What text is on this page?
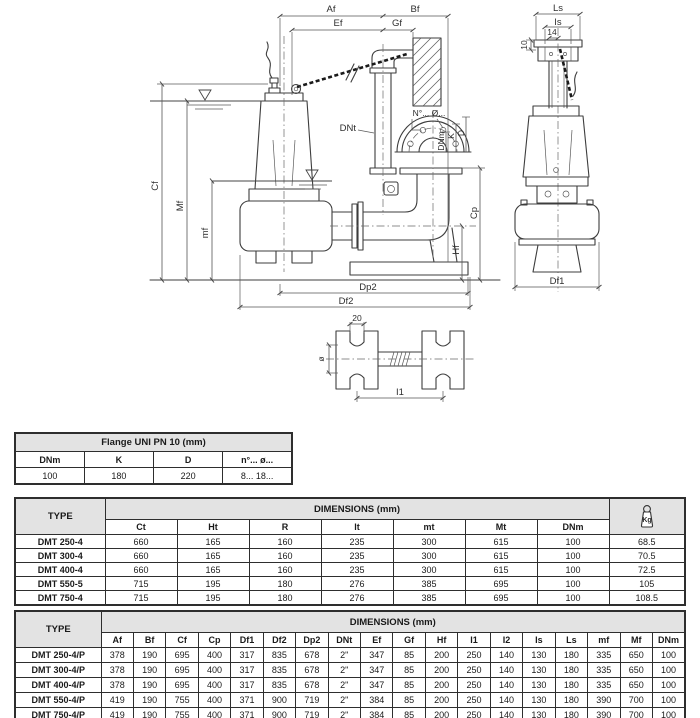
Af	Bf
Ef	Gf
DNt
Cf
Mf
mf
N°... Ø...
DNm K D
Cp
Hf
Dp2
Df2
Ls
Is
14
10
Df1
20
ø
I1
Flange UNI PN 10 (mm)			
DNm	K	D	n°... ø...
100	180	220	8... 18...
TYPE	DIMENSIONS (mm)							Kg

	Ct	Ht	R	lt	mt	Mt	DNm	
DMT 250-4	660	165	160	235	300	615	100	68.5
DMT 300-4	660	165	160	235	300	615	100	70.5
DMT 400-4	660	165	160	235	300	615	100	72.5
DMT 550-5	715	195	180	276	385	695	100	105
DMT 750-4	715	195	180	276	385	695	100	108.5
TYPE	DIMENSIONS (mm)																	
	Af	Bf	Cf	Cp	Df1	Df2	Dp2	DNt	Ef	Gf	Hf	I1	I2	Is	Ls	mf	Mf	DNm
DMT 250-4/P	378	190	695	400	317	835	678	2"	347	85	200	250	140	130	180	335	650	100
DMT 300-4/P	378	190	695	400	317	835	678	2"	347	85	200	250	140	130	180	335	650	100
DMT 400-4/P	378	190	695	400	317	835	678	2"	347	85	200	250	140	130	180	335	650	100
DMT 550-4/P	419	190	755	400	371	900	719	2"	384	85	200	250	140	130	180	390	700	100
DMT 750-4/P	419	190	755	400	371	900	719	2"	384	85	200	250	140	130	180	390	700	100
